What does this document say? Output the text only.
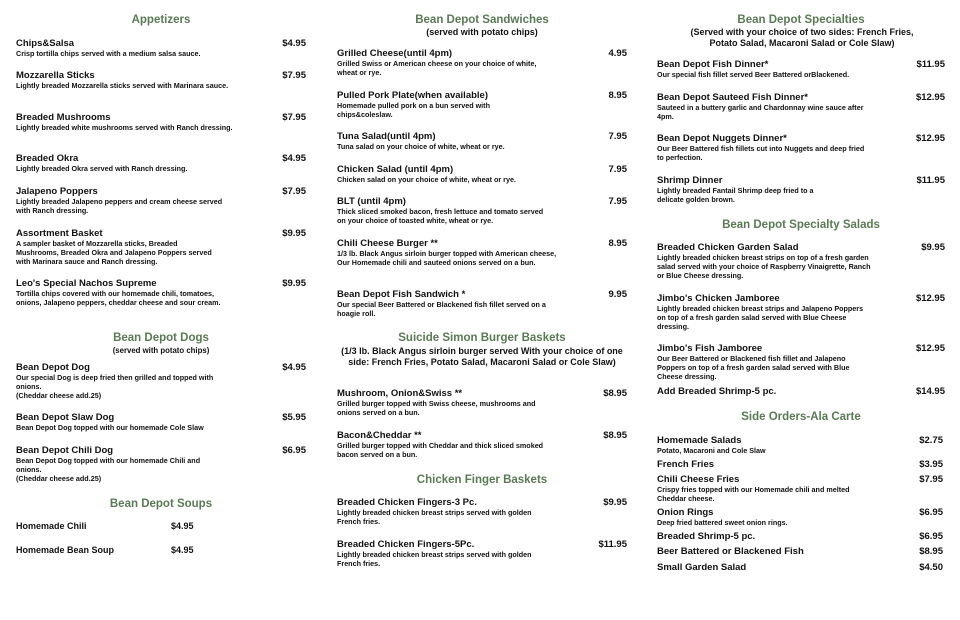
Appetizers
Chips&Salsa
Crisp tortilla chips served with a medium salsa sauce.
$4.95
Mozzarella Sticks
Lightly breaded Mozzarella sticks served with Marinara sauce.
$7.95
Breaded Mushrooms
Lightly breaded white mushrooms served with Ranch dressing.
$7.95
Breaded Okra
Lightly breaded Okra served with Ranch dressing.
$4.95
Jalapeno Poppers
Lightly breaded Jalapeno peppers and cream cheese served with Ranch dressing.
$7.95
Assortment Basket
A sampler basket of Mozzarella sticks, Breaded Mushrooms, Breaded Okra and Jalapeno Poppers served with Marinara sauce and Ranch dressing.
$9.95
Leo's Special Nachos Supreme
Tortilla chips covered with our homemade chili, tomatoes, onions, Jalapeno peppers, cheddar cheese and sour cream.
$9.95
Bean Depot Dogs
(served with potato chips)
Bean Depot Dog
Our special Dog is deep fried then grilled and topped with onions.
(Cheddar cheese add.25)
$4.95
Bean Depot Slaw Dog
Bean Depot Dog topped with our homemade Cole Slaw
$5.95
Bean Depot Chili Dog
Bean Depot Dog topped with our homemade Chili and onions.
(Cheddar cheese add.25)
$6.95
Bean Depot Soups
Homemade Chili	$4.95
Homemade Bean Soup	$4.95
Bean Depot Sandwiches
(served with potato chips)
Grilled Cheese(until 4pm)
Grilled Swiss or American cheese on your choice of white, wheat or rye.
4.95
Pulled Pork Plate(when available)
Homemade pulled pork on a bun served with chips&coleslaw.
8.95
Tuna Salad(until 4pm)
Tuna salad on your choice of white, wheat or rye.
7.95
Chicken Salad (until 4pm)
Chicken salad on your choice of white, wheat or rye.
7.95
BLT (until 4pm)
Thick sliced smoked bacon, fresh lettuce and tomato served on your choice of toasted white, wheat or rye.
7.95
Chili Cheese Burger **
1/3 lb. Black Angus sirloin burger topped with American cheese, Our Homemade chili and sauteed onions served on a bun.
8.95
Bean Depot Fish Sandwich *
Our special Beer Battered or Blackened fish fillet served on a hoagie roll.
9.95
Suicide Simon Burger Baskets
(1/3 lb. Black Angus sirloin burger served With your choice of one side: French Fries, Potato Salad, Macaroni Salad or Cole Slaw)
Mushroom, Onion&Swiss **
Grilled burger topped with Swiss cheese, mushrooms and onions served on a bun.
$8.95
Bacon&Cheddar **
Grilled burger topped with Cheddar and thick sliced smoked bacon served on a bun.
$8.95
Chicken Finger Baskets
Breaded Chicken Fingers-3 Pc.
Lightly breaded chicken breast strips served with golden French fries.
$9.95
Breaded Chicken Fingers-5Pc.
Lightly breaded chicken breast strips served with golden French fries.
$11.95
Bean Depot Specialties
(Served with your choice of two sides: French Fries, Potato Salad, Macaroni Salad or Cole Slaw)
Bean Depot Fish Dinner*
Our special fish fillet served Beer Battered orBlackened.
$11.95
Bean Depot Sauteed Fish Dinner*
Sauteed in a buttery garlic and Chardonnay wine sauce after 4pm.
$12.95
Bean Depot Nuggets Dinner*
Our Beer Battered fish fillets cut into Nuggets and deep fried to perfection.
$12.95
Shrimp Dinner
Lightly breaded Fantail Shrimp deep fried to a delicate golden brown.
$11.95
Bean Depot Specialty Salads
Breaded Chicken Garden Salad
Lightly breaded chicken breast strips on top of a fresh garden salad served with your choice of Raspberry Vinaigrette, Ranch or Blue Cheese dressing.
$9.95
Jimbo's Chicken Jamboree
Lightly breaded chicken breast strips and Jalapeno Poppers on top of a fresh garden salad served with Blue Cheese dressing.
$12.95
Jimbo's Fish Jamboree
Our Beer Battered or Blackened fish fillet and Jalapeno Poppers on top of a fresh garden salad served with Blue Cheese dressing.
$12.95
Add Breaded Shrimp-5 pc.	$14.95
Side Orders-Ala Carte
Homemade Salads
Potato, Macaroni and Cole Slaw
$2.75
French Fries	$3.95
Chili Cheese Fries
Crispy fries topped with our Homemade chili and melted Cheddar cheese.
$7.95
Onion Rings
Deep fried battered sweet onion rings.
$6.95
Breaded Shrimp-5 pc.	$6.95
Beer Battered or Blackened Fish	$8.95
Small Garden Salad	$4.50
